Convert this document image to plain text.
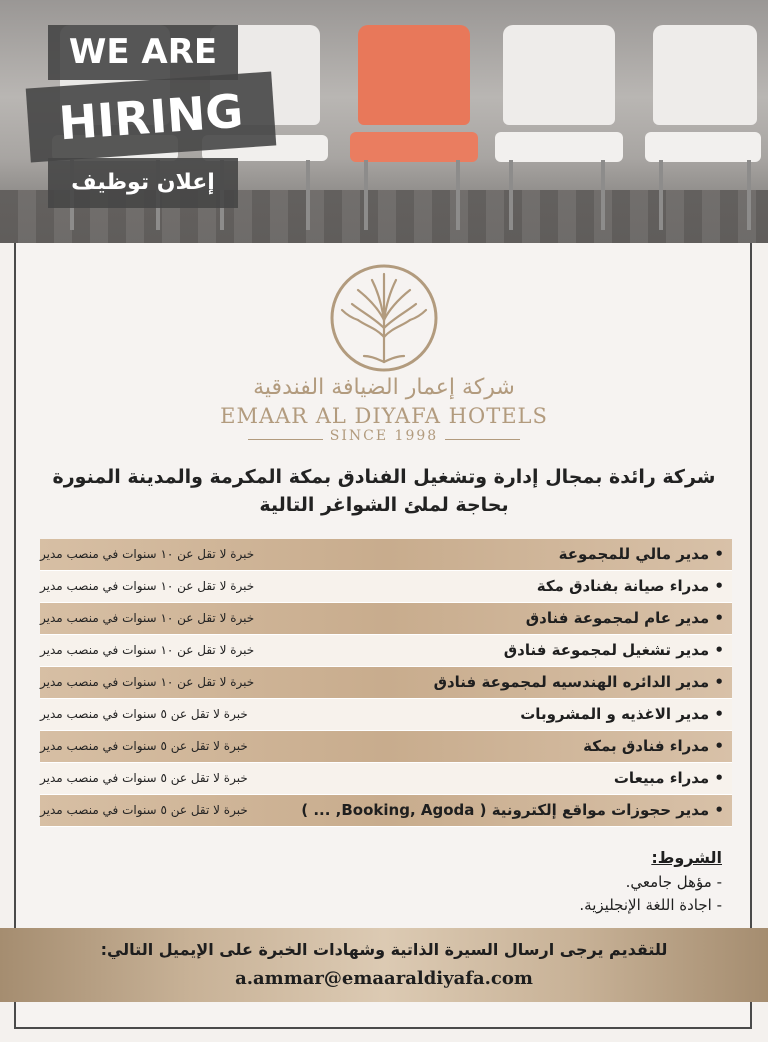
WE ARE
HIRING
إعلان توظيف
شركة إعمار الضيافة الفندقية
EMAAR AL DIYAFA HOTELS
SINCE 1998
شركة رائدة بمجال إدارة وتشغيل الفنادق بمكة المكرمة والمدينة المنورة
بحاجة لملئ الشواغر التالية
• مدير مالي للمجموعة
خبرة لا تقل عن ١٠ سنوات في منصب مدير
• مدراء صيانة بفنادق مكة
خبرة لا تقل عن ١٠ سنوات في منصب مدير
• مدير عام لمجموعة فنادق
خبرة لا تقل عن ١٠ سنوات في منصب مدير
• مدير تشغيل لمجموعة فنادق
خبرة لا تقل عن ١٠ سنوات في منصب مدير
• مدير الدائره الهندسيه لمجموعة فنادق
خبرة لا تقل عن ١٠ سنوات في منصب مدير
• مدير الاغذيه و المشروبات
خبرة لا تقل عن ٥ سنوات في منصب مدير
• مدراء فنادق بمكة
خبرة لا تقل عن ٥ سنوات في منصب مدير
• مدراء مبيعات
خبرة لا تقل عن ٥ سنوات في منصب مدير
• مدير حجوزات مواقع إلكترونية ( Booking, Agoda, ... )
خبرة لا تقل عن ٥ سنوات في منصب مدير
الشروط:
- مؤهل جامعي.
- اجادة اللغة الإنجليزية.
للتقديم يرجى ارسال السيرة الذاتية وشهادات الخبرة على الإيميل التالي:
a.ammar@emaaraldiyafa.com
